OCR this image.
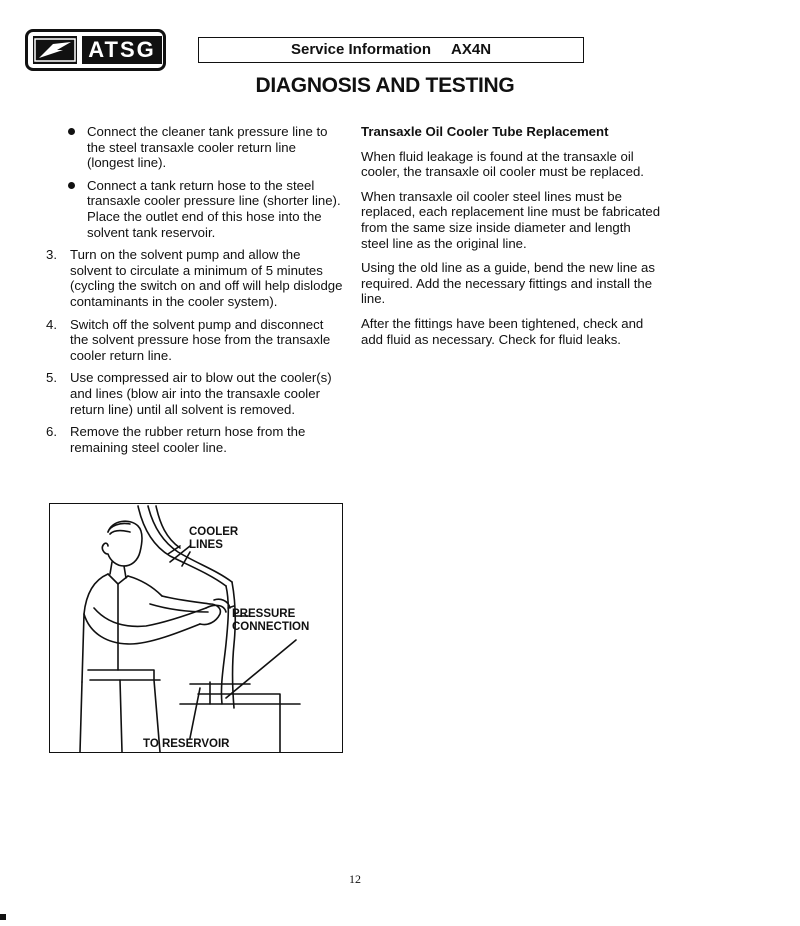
ATSG	Service Information AX4N
DIAGNOSIS AND TESTING
Connect the cleaner tank pressure line to the steel transaxle cooler return line (longest line).
Connect a tank return hose to the steel transaxle cooler pressure line (shorter line). Place the outlet end of this hose into the solvent tank reservoir.
3. Turn on the solvent pump and allow the solvent to circulate a minimum of 5 minutes (cycling the switch on and off will help dislodge contaminants in the cooler system).
4. Switch off the solvent pump and disconnect the solvent pressure hose from the transaxle cooler return line.
5. Use compressed air to blow out the cooler(s) and lines (blow air into the transaxle cooler return line) until all solvent is removed.
6. Remove the rubber return hose from the remaining steel cooler line.
Transaxle Oil Cooler Tube Replacement

When fluid leakage is found at the transaxle oil cooler, the transaxle oil cooler must be replaced.

When transaxle oil cooler steel lines must be replaced, each replacement line must be fabricated from the same size inside diameter and length steel line as the original line.

Using the old line as a guide, bend the new line as required. Add the necessary fittings and install the line.

After the fittings have been tightened, check and add fluid as necessary. Check for fluid leaks.

COOLER
LINES
PRESSURE
CONNECTION
TO RESERVOIR
12
